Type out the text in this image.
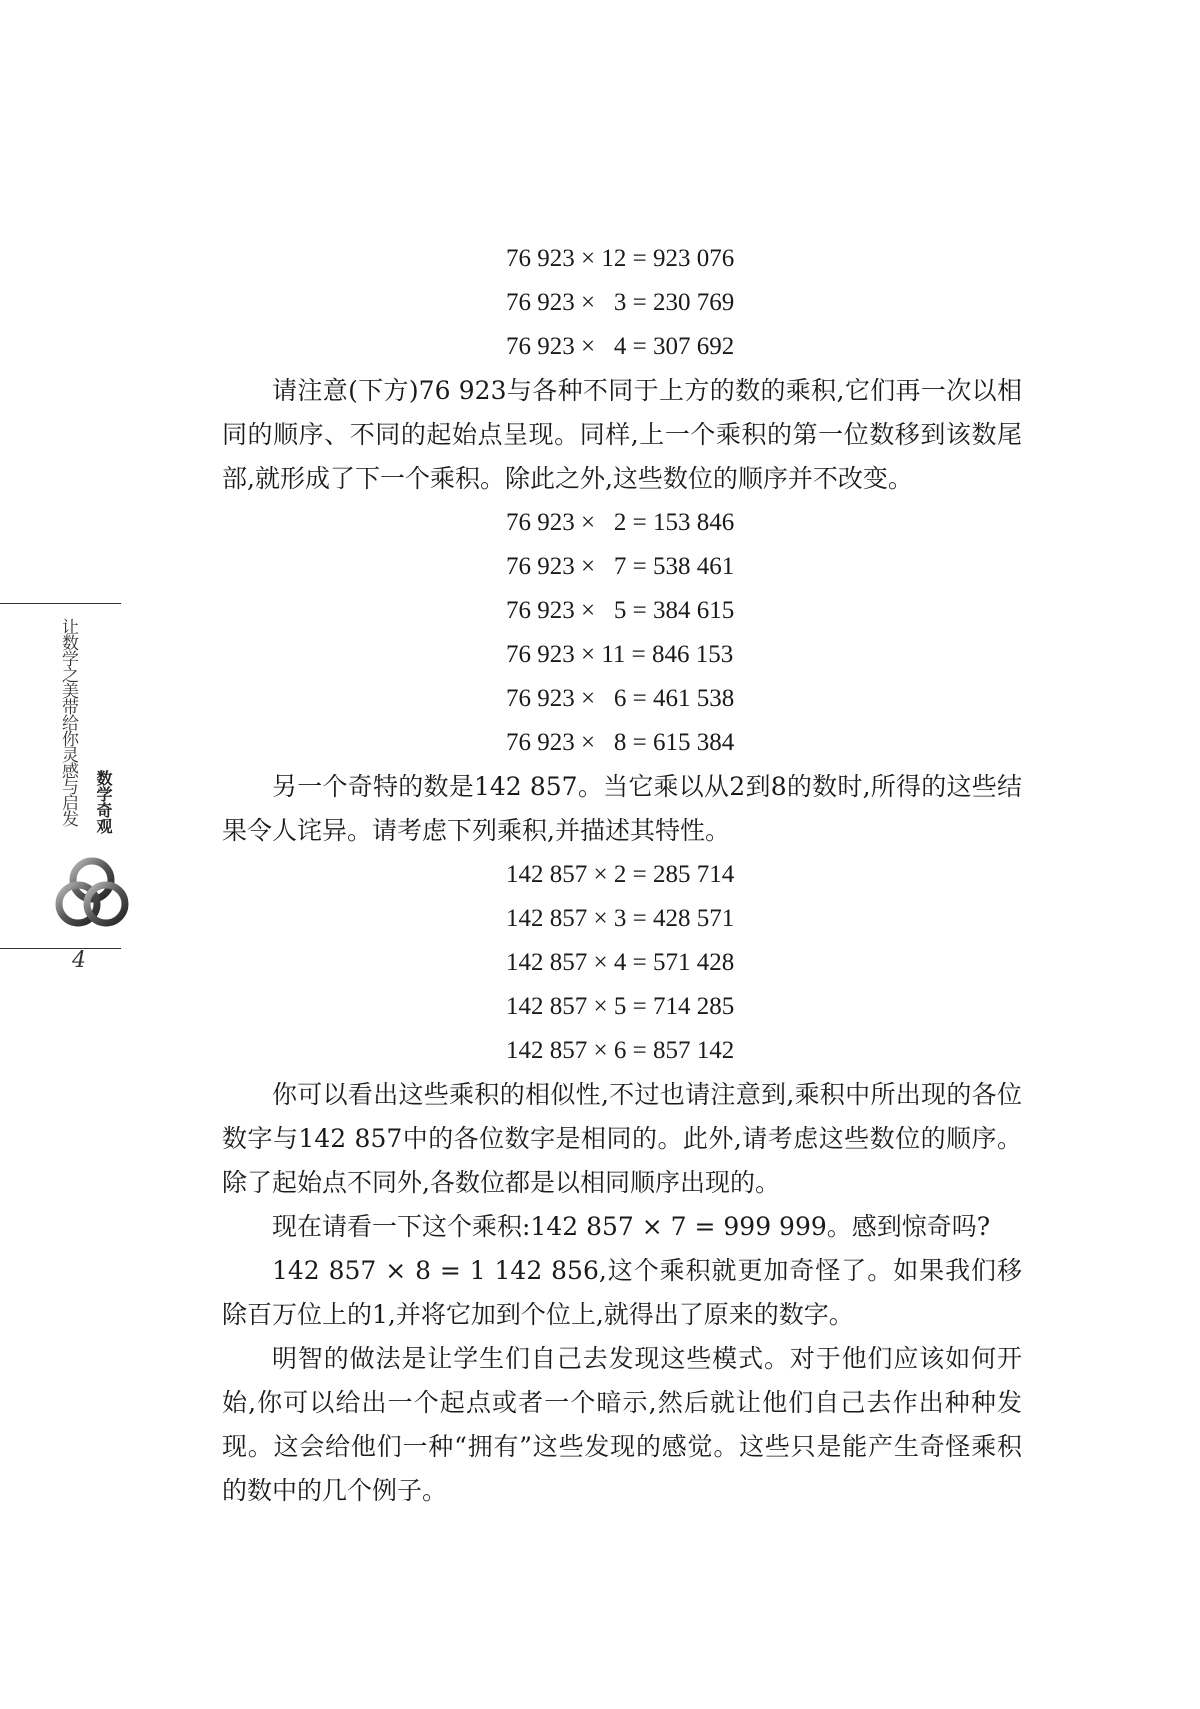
让数学之美带给你灵感与启发 数学奇观
4
76 923 × 12 = 923 076
76 923 ×   3 = 230 769
76 923 ×   4 = 307 692

请注意(下方)76 923与各种不同于上方的数的乘积,它们再一次以相同的顺序、不同的起始点呈现。同样,上一个乘积的第一位数移到该数尾部,就形成了下一个乘积。除此之外,这些数位的顺序并不改变。

76 923 ×   2 = 153 846
76 923 ×   7 = 538 461
76 923 ×   5 = 384 615
76 923 × 11 = 846 153
76 923 ×   6 = 461 538
76 923 ×   8 = 615 384

另一个奇特的数是142 857。当它乘以从2到8的数时,所得的这些结果令人诧异。请考虑下列乘积,并描述其特性。

142 857 × 2 = 285 714
142 857 × 3 = 428 571
142 857 × 4 = 571 428
142 857 × 5 = 714 285
142 857 × 6 = 857 142

你可以看出这些乘积的相似性,不过也请注意到,乘积中所出现的各位数字与142 857中的各位数字是相同的。此外,请考虑这些数位的顺序。除了起始点不同外,各数位都是以相同顺序出现的。

现在请看一下这个乘积:142 857 × 7 = 999 999。感到惊奇吗?

142 857 × 8 = 1 142 856,这个乘积就更加奇怪了。如果我们移除百万位上的1,并将它加到个位上,就得出了原来的数字。

明智的做法是让学生们自己去发现这些模式。对于他们应该如何开始,你可以给出一个起点或者一个暗示,然后就让他们自己去作出种种发现。这会给他们一种“拥有”这些发现的感觉。这些只是能产生奇怪乘积的数中的几个例子。
